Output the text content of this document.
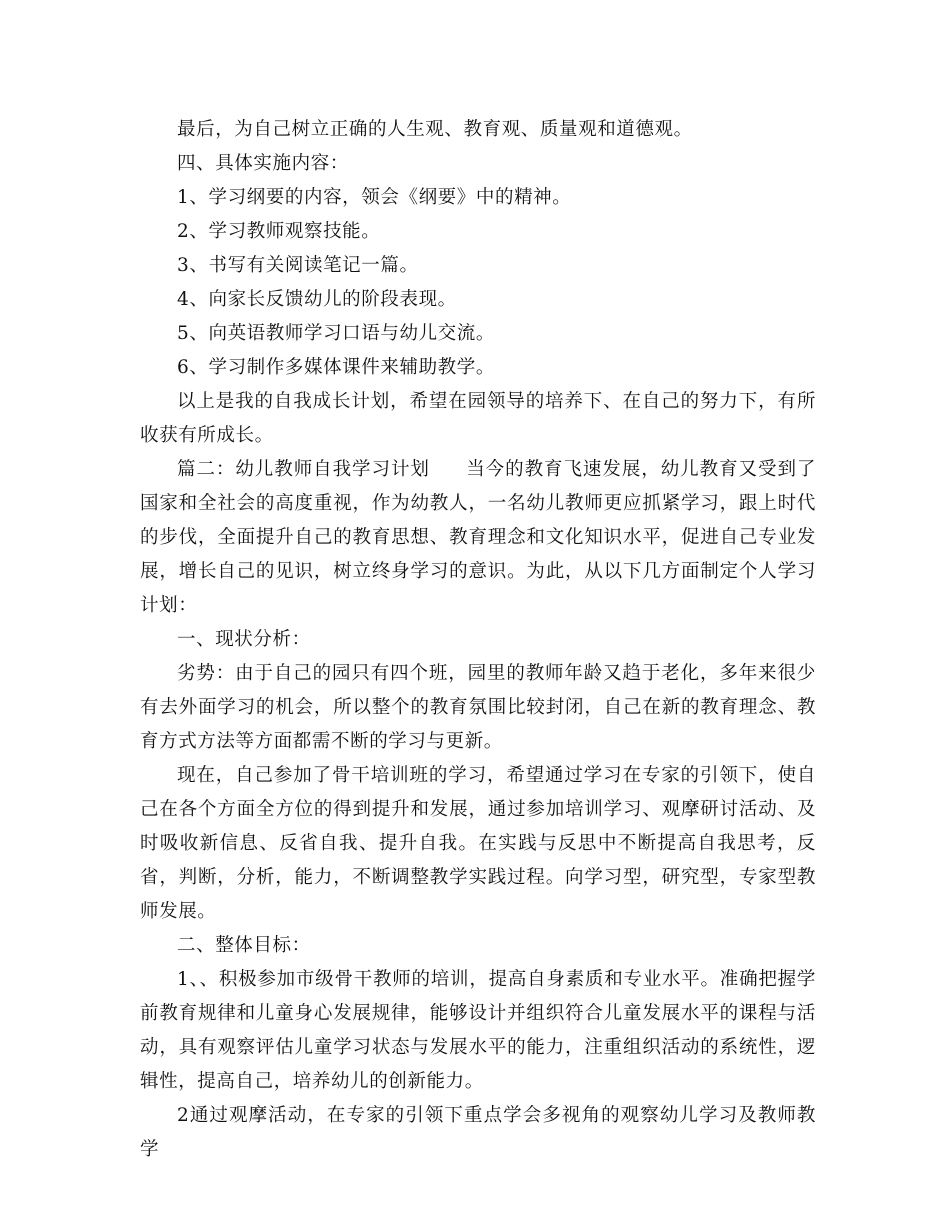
最后，为自己树立正确的人生观、教育观、质量观和道德观。

四、具体实施内容：

1、学习纲要的内容，领会《纲要》中的精神。

2、学习教师观察技能。

3、书写有关阅读笔记一篇。

4、向家长反馈幼儿的阶段表现。

5、向英语教师学习口语与幼儿交流。

6、学习制作多媒体课件来辅助教学。

以上是我的自我成长计划，希望在园领导的培养下、在自己的努力下，有所收获有所成长。

篇二：幼儿教师自我学习计划 当今的教育飞速发展，幼儿教育又受到了国家和全社会的高度重视，作为幼教人，一名幼儿教师更应抓紧学习，跟上时代的步伐，全面提升自己的教育思想、教育理念和文化知识水平，促进自己专业发展，增长自己的见识，树立终身学习的意识。为此，从以下几方面制定个人学习计划：

一、现状分析：

劣势：由于自己的园只有四个班，园里的教师年龄又趋于老化，多年来很少有去外面学习的机会，所以整个的教育氛围比较封闭，自己在新的教育理念、教育方式方法等方面都需不断的学习与更新。

现在，自己参加了骨干培训班的学习，希望通过学习在专家的引领下，使自己在各个方面全方位的得到提升和发展，通过参加培训学习、观摩研讨活动、及时吸收新信息、反省自我、提升自我。在实践与反思中不断提高自我思考，反省，判断，分析，能力，不断调整教学实践过程。向学习型，研究型，专家型教师发展。

二、整体目标：

1、、积极参加市级骨干教师的培训，提高自身素质和专业水平。准确把握学前教育规律和儿童身心发展规律，能够设计并组织符合儿童发展水平的课程与活动，具有观察评估儿童学习状态与发展水平的能力，注重组织活动的系统性，逻辑性，提高自己，培养幼儿的创新能力。

2通过观摩活动，在专家的引领下重点学会多视角的观察幼儿学习及教师教学
